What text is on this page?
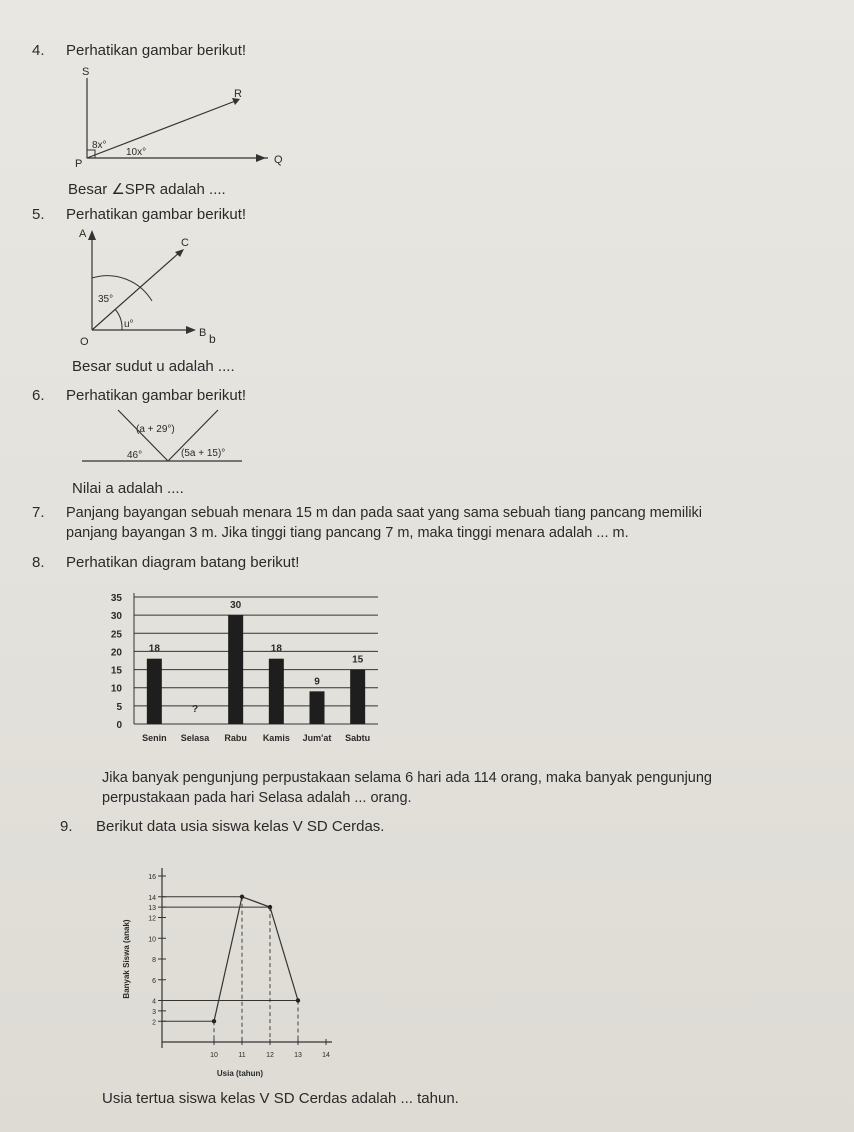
4. Perhatikan gambar berikut!
S
R
P	Q
8x°
10x°
Besar ∠SPR adalah ....
5. Perhatikan gambar berikut!
A
C
O
B b
35°
u°
Besar sudut u adalah ....
6. Perhatikan gambar berikut!
(a + 29°)
46°	(5a + 15)°
Nilai a adalah ....
7. Panjang bayangan sebuah menara 15 m dan pada saat yang sama sebuah tiang pancang memiliki
panjang bayangan 3 m. Jika tinggi tiang pancang 7 m, maka tinggi menara adalah ... m.
8. Perhatikan diagram batang berikut!
0
5
10
15
20
25
30
35
18
Senin
?
Selasa
30
Rabu
18
Kamis
9
Jum'at
15
Sabtu
Jika banyak pengunjung perpustakaan selama 6 hari ada 114 orang, maka banyak pengunjung
perpustakaan pada hari Selasa adalah ... orang.
9. Berikut data usia siswa kelas V SD Cerdas.
2
3
4
6
8
10
12
13
14
16
10	11	12	13	14
Usia (tahun)
Banyak Siswa (anak)
Usia tertua siswa kelas V SD Cerdas adalah ... tahun.
